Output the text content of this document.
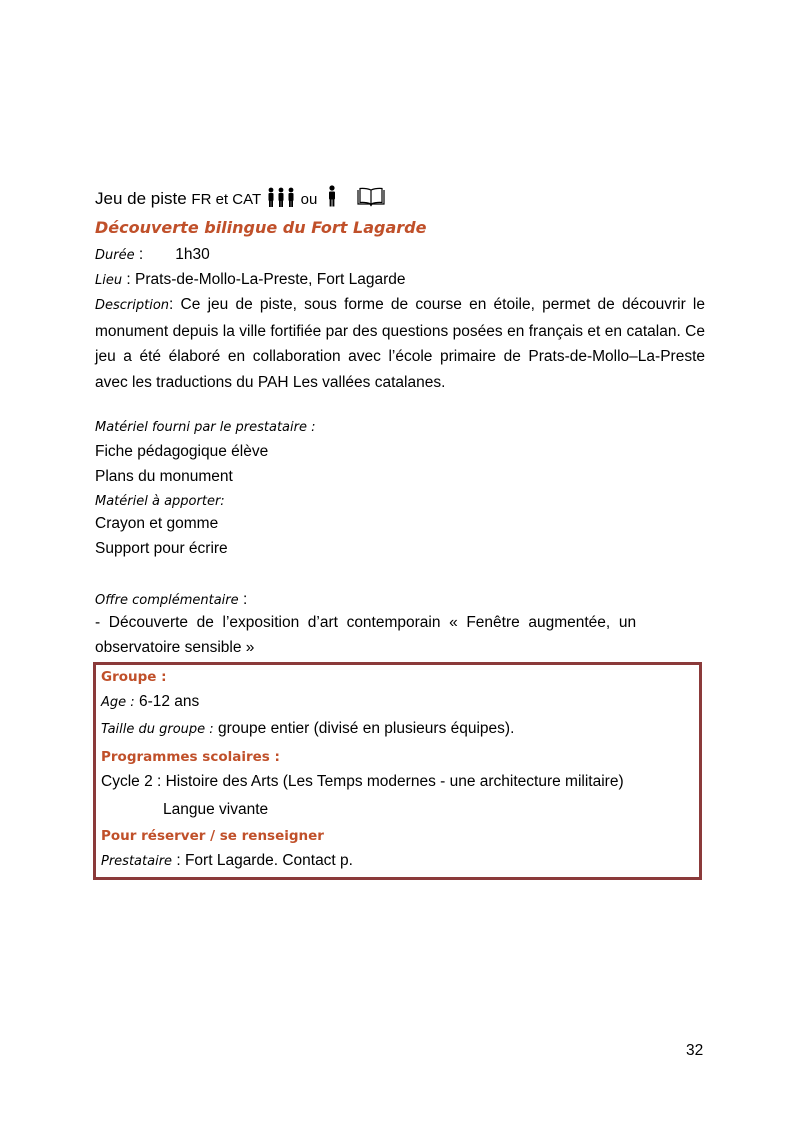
Jeu de piste FR et CAT	ou
Découverte bilingue du Fort Lagarde
Durée : 1h30
Lieu : Prats-de-Mollo-La-Preste, Fort Lagarde
Description: Ce jeu de piste, sous forme de course en étoile, permet de découvrir le monument depuis la ville fortifiée par des questions posées en français et en catalan. Ce jeu a été élaboré en collaboration avec l’école primaire de Prats-de-Mollo–La-Preste avec les traductions du PAH Les vallées catalanes.
Matériel fourni par le prestataire :
Fiche pédagogique élève
Plans du monument
Matériel à apporter:
Crayon et gomme
Support pour écrire
Offre complémentaire :
-  Découverte  de  l’exposition  d’art  contemporain  «  Fenêtre  augmentée,  un
observatoire sensible »
Groupe :
Age : 6-12 ans
Taille du groupe : groupe entier (divisé en plusieurs équipes).
Programmes scolaires :
Cycle 2 : Histoire des Arts (Les Temps modernes - une architecture militaire)
Langue vivante
Pour réserver / se renseigner
Prestataire : Fort Lagarde. Contact p.
32
